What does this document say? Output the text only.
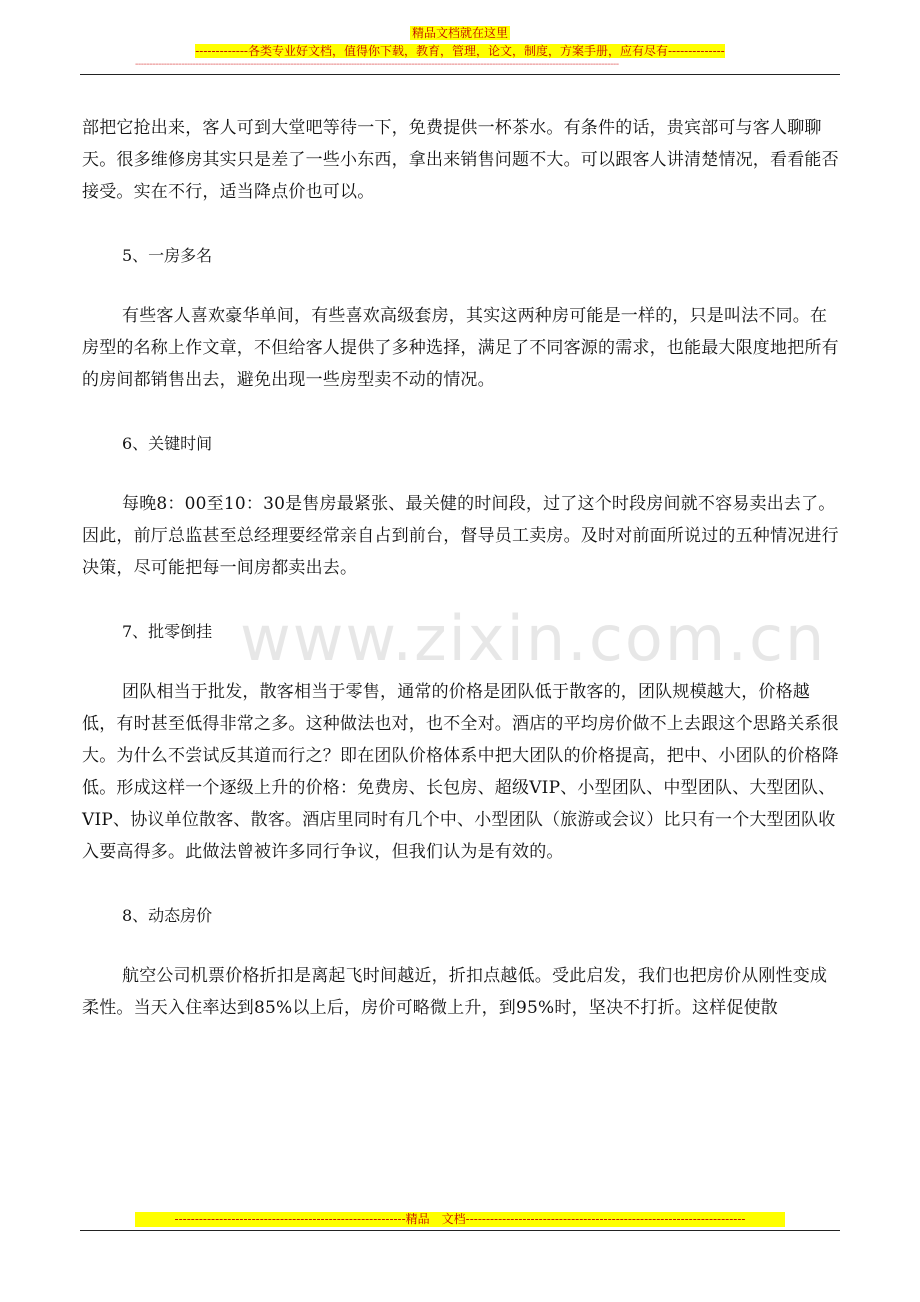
精品文档就在这里
-------------各类专业好文档，值得你下载，教育，管理，论文，制度，方案手册，应有尽有--------------
------------------------------------------------------------------------------------------------------------------------------------------------------------------------

部把它抢出来，客人可到大堂吧等待一下，免费提供一杯茶水。有条件的话，贵宾部可与客人聊聊天。很多维修房其实只是差了一些小东西，拿出来销售问题不大。可以跟客人讲清楚情况，看看能否接受。实在不行，适当降点价也可以。

5、一房多名

有些客人喜欢豪华单间，有些喜欢高级套房，其实这两种房可能是一样的，只是叫法不同。在房型的名称上作文章，不但给客人提供了多种选择，满足了不同客源的需求，也能最大限度地把所有的房间都销售出去，避免出现一些房型卖不动的情况。

6、关键时间

每晚8：00至10：30是售房最紧张、最关健的时间段，过了这个时段房间就不容易卖出去了。因此，前厅总监甚至总经理要经常亲自占到前台，督导员工卖房。及时对前面所说过的五种情况进行决策，尽可能把每一间房都卖出去。

7、批零倒挂

团队相当于批发，散客相当于零售，通常的价格是团队低于散客的，团队规模越大，价格越低，有时甚至低得非常之多。这种做法也对，也不全对。酒店的平均房价做不上去跟这个思路关系很大。为什么不尝试反其道而行之？即在团队价格体系中把大团队的价格提高，把中、小团队的价格降低。形成这样一个逐级上升的价格：免费房、长包房、超级VIP、小型团队、中型团队、大型团队、VIP、协议单位散客、散客。酒店里同时有几个中、小型团队（旅游或会议）比只有一个大型团队收入要高得多。此做法曾被许多同行争议，但我们认为是有效的。

8、动态房价

航空公司机票价格折扣是离起飞时间越近，折扣点越低。受此启发，我们也把房价从刚性变成柔性。当天入住率达到85%以上后，房价可略微上升，到95%时，坚决不打折。这样促使散

www.zixin.com.cn
---------------------------------------------------------精品　文档---------------------------------------------------------------------
